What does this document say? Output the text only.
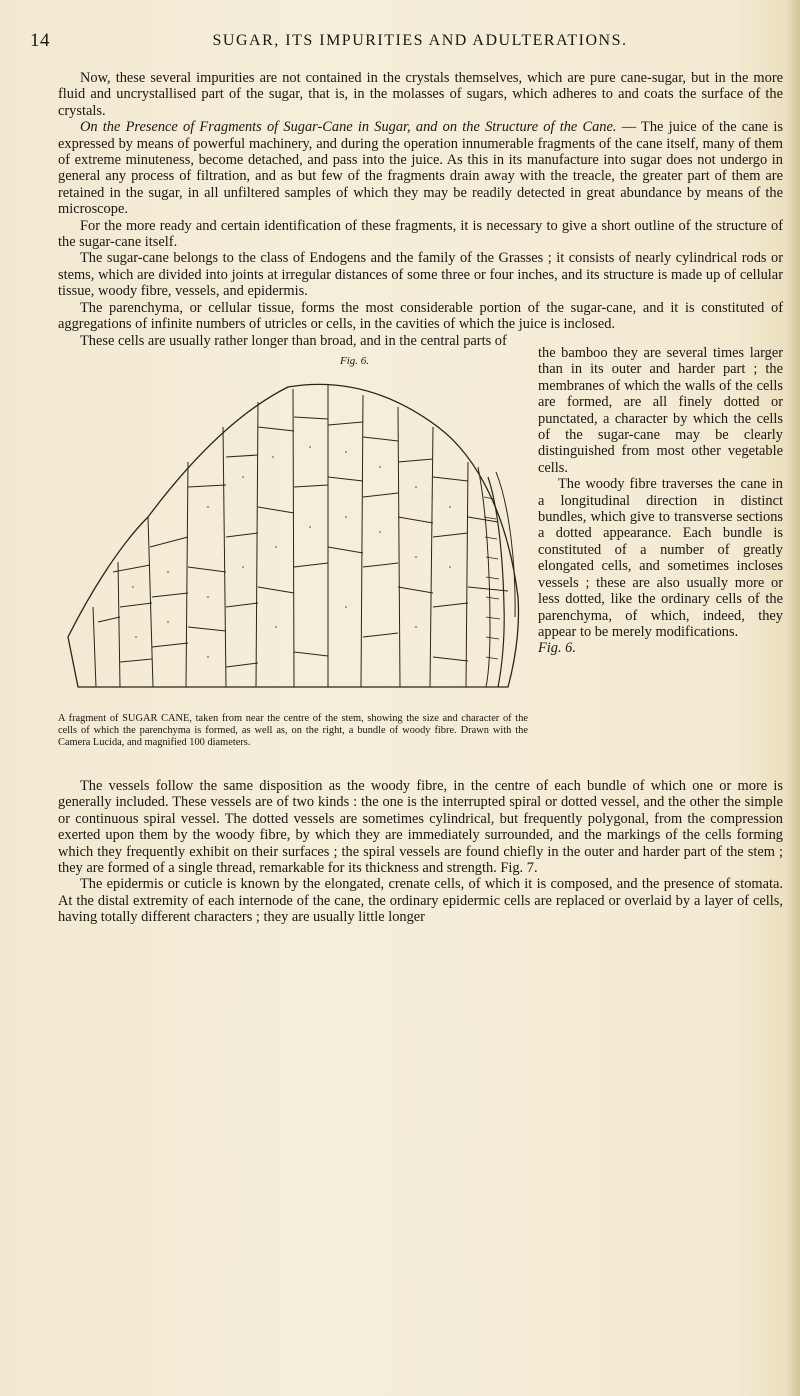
14	SUGAR, ITS IMPURITIES AND ADULTERATIONS.

Now, these several impurities are not contained in the crystals themselves, which are pure cane-sugar, but in the more fluid and uncrystallised part of the sugar, that is, in the molasses of sugars, which adheres to and coats the surface of the crystals.

On the Presence of Fragments of Sugar-Cane in Sugar, and on the Structure of the Cane. — The juice of the cane is expressed by means of powerful machinery, and during the operation innumerable fragments of the cane itself, many of them of extreme minuteness, become detached, and pass into the juice. As this in its manufacture into sugar does not undergo in general any process of filtration, and as but few of the fragments drain away with the treacle, the greater part of them are retained in the sugar, in all unfiltered samples of which they may be readily detected in great abundance by means of the microscope.

For the more ready and certain identification of these fragments, it is necessary to give a short outline of the structure of the sugar-cane itself.

The sugar-cane belongs to the class of Endogens and the family of the Grasses ; it consists of nearly cylindrical rods or stems, which are divided into joints at irregular distances of some three or four inches, and its structure is made up of cellular tissue, woody fibre, vessels, and epidermis.

The parenchyma, or cellular tissue, forms the most considerable portion of the sugar-cane, and it is constituted of aggregations of infinite numbers of utricles or cells, in the cavities of which the juice is inclosed.

These cells are usually rather longer than broad, and in the central parts of

Fig. 6.
A fragment of SUGAR CANE, taken from near the centre of the stem, showing the size and character of the cells of which the parenchyma is formed, as well as, on the right, a bundle of woody fibre. Drawn with the Camera Lucida, and magnified 100 diameters.

the bamboo they are several times larger than in its outer and harder part ; the membranes of which the walls of the cells are formed, are all finely dotted or punctated, a character by which the cells of the sugar-cane may be clearly distinguished from most other vegetable cells.

The woody fibre traverses the cane in a longitudinal direction in distinct bundles, which give to transverse sections a dotted appearance. Each bundle is constituted of a number of greatly elongated cells, and sometimes incloses vessels ; these are also usually more or less dotted, like the ordinary cells of the parenchyma, of which, indeed, they appear to be merely modifications.

Fig. 6.

The vessels follow the same disposition as the woody fibre, in the centre of each bundle of which one or more is generally included. These vessels are of two kinds : the one is the interrupted spiral or dotted vessel, and the other the simple or continuous spiral vessel. The dotted vessels are sometimes cylindrical, but frequently polygonal, from the compression exerted upon them by the woody fibre, by which they are immediately surrounded, and the markings of the cells forming which they frequently exhibit on their surfaces ; the spiral vessels are found chiefly in the outer and harder part of the stem ; they are formed of a single thread, remarkable for its thickness and strength. Fig. 7.

The epidermis or cuticle is known by the elongated, crenate cells, of which it is composed, and the presence of stomata. At the distal extremity of each internode of the cane, the ordinary epidermic cells are replaced or overlaid by a layer of cells, having totally different characters ; they are usually little longer
